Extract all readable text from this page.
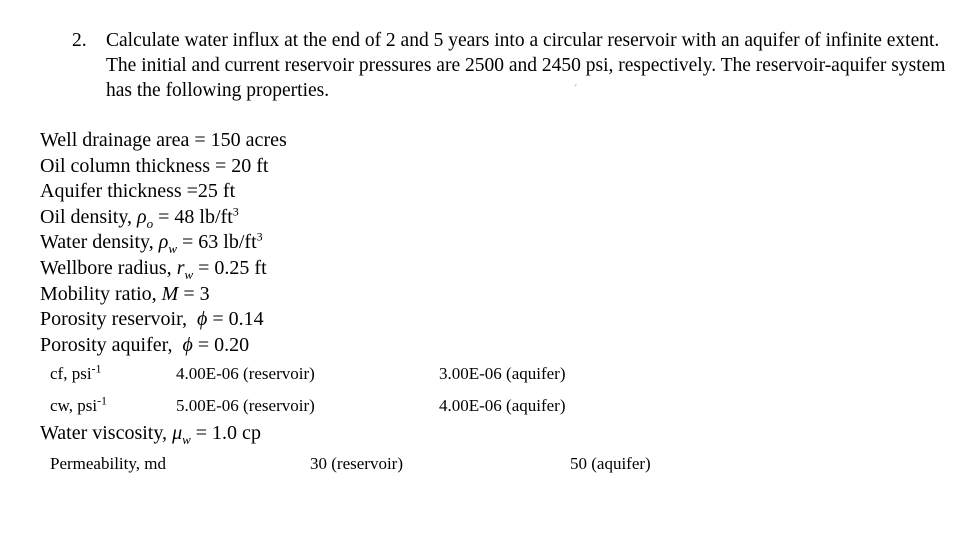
2. Calculate water influx at the end of 2 and 5 years into a circular reservoir with an aquifer of infinite extent. The initial and current reservoir pressures are 2500 and 2450 psi, respectively. The reservoir-aquifer system has the following properties.	´
Well drainage area = 150 acres
Oil column thickness = 20 ft
Aquifer thickness =25 ft
Oil density, $\rho_o = 48$ $lb/ft^3$
Water density, $\rho_w = 63$ $lb/ft^3$
Wellbore radius, $r_w = 0.25$ ft
Mobility ratio, M = 3
Porosity reservoir,  ϕ = 0.14
Porosity aquifer,  ϕ = 0.20
cf, psi$^{-1}$	4.00E-06 (reservoir)	3.00E-06 (aquifer)
cw, psi$^{-1}$	5.00E-06 (reservoir)	4.00E-06 (aquifer)
Water viscosity, $\mu_w = 1.0$ cp
Permeability, md	30 (reservoir)	50 (aquifer)
